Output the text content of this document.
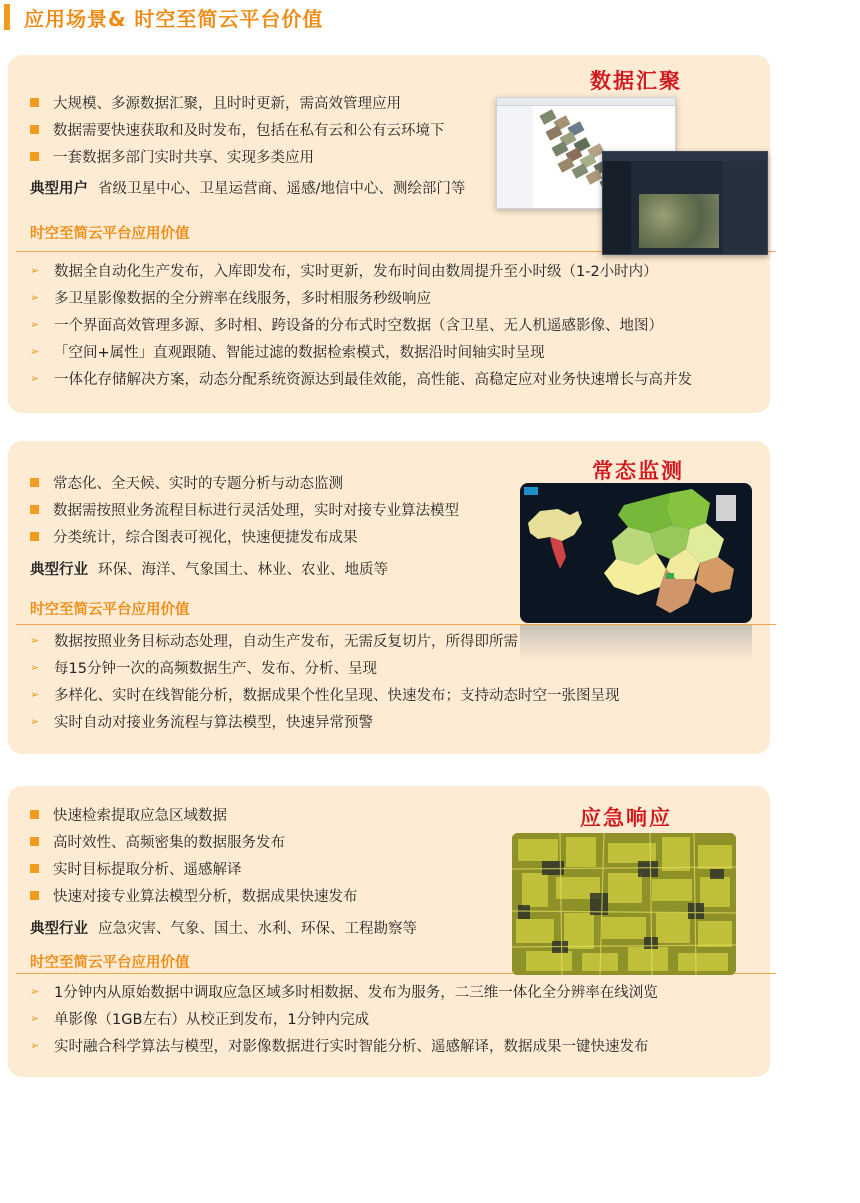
应用场景& 时空至简云平台价值
数据汇聚
大规模、多源数据汇聚，且时时更新，需高效管理应用
数据需要快速获取和及时发布，包括在私有云和公有云环境下
一套数据多部门实时共享、实现多类应用
典型用户 省级卫星中心、卫星运营商、遥感/地信中心、测绘部门等
时空至简云平台应用价值
➢ 数据全自动化生产发布，入库即发布，实时更新，发布时间由数周提升至小时级（1-2小时内）
➢ 多卫星影像数据的全分辨率在线服务，多时相服务秒级响应
➢ 一个界面高效管理多源、多时相、跨设备的分布式时空数据（含卫星、无人机遥感影像、地图）
➢ 「空间+属性」直观跟随、智能过滤的数据检索模式，数据沿时间轴实时呈现
➢ 一体化存储解决方案，动态分配系统资源达到最佳效能，高性能、高稳定应对业务快速增长与高并发
常态监测
常态化、全天候、实时的专题分析与动态监测
数据需按照业务流程目标进行灵活处理，实时对接专业算法模型
分类统计，综合图表可视化，快速便捷发布成果
典型行业 环保、海洋、气象国土、林业、农业、地质等
时空至简云平台应用价值
➢ 数据按照业务目标动态处理，自动生产发布，无需反复切片，所得即所需
➢ 每15分钟一次的高频数据生产、发布、分析、呈现
➢ 多样化、实时在线智能分析，数据成果个性化呈现、快速发布；支持动态时空一张图呈现
➢ 实时自动对接业务流程与算法模型，快速异常预警
应急响应
快速检索提取应急区域数据
高时效性、高频密集的数据服务发布
实时目标提取分析、遥感解译
快速对接专业算法模型分析，数据成果快速发布
典型行业 应急灾害、气象、国土、水利、环保、工程勘察等
时空至简云平台应用价值
➢ 1分钟内从原始数据中调取应急区域多时相数据、发布为服务，二三维一体化全分辨率在线浏览
➢ 单影像（1GB左右）从校正到发布，1分钟内完成
➢ 实时融合科学算法与模型，对影像数据进行实时智能分析、遥感解译，数据成果一键快速发布
